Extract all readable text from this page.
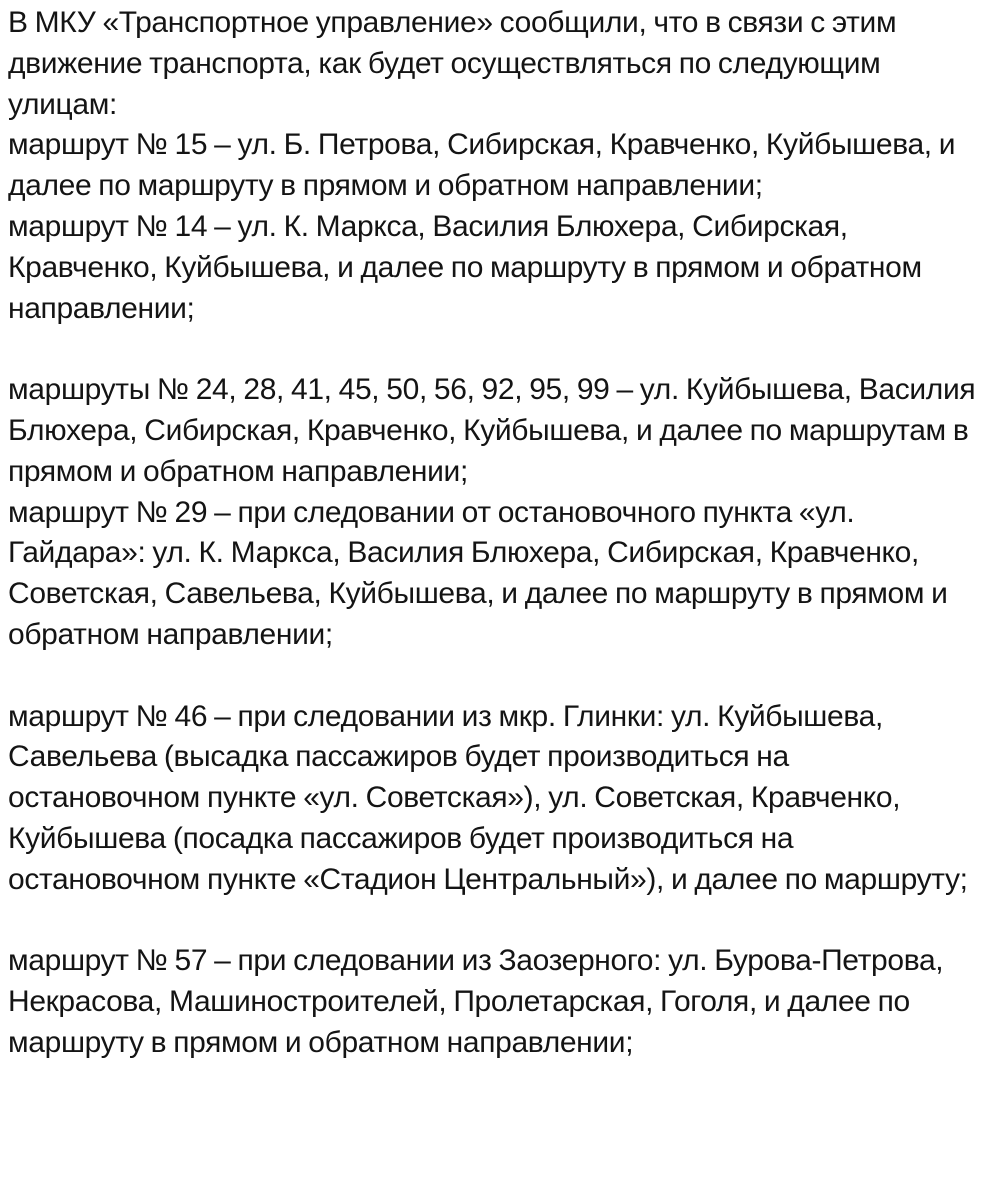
В МКУ «Транспортное управление» сообщили, что в связи с этим движение транспорта, как будет осуществляться по следующим улицам:

маршрут № 15 – ул. Б. Петрова, Сибирская, Кравченко, Куйбышева, и далее по маршруту в прямом и обратном направлении;

маршрут № 14 – ул. К. Маркса, Василия Блюхера, Сибирская, Кравченко, Куйбышева, и далее по маршруту в прямом и обратном направлении;

маршруты № 24, 28, 41, 45, 50, 56, 92, 95, 99 – ул. Куйбышева, Василия Блюхера, Сибирская, Кравченко, Куйбышева, и далее по маршрутам в прямом и обратном направлении;

маршрут № 29 – при следовании от остановочного пункта «ул. Гайдара»: ул. К. Маркса, Василия Блюхера, Сибирская, Кравченко, Советская, Савельева, Куйбышева, и далее по маршруту в прямом и обратном направлении;

маршрут № 46 – при следовании из мкр. Глинки: ул. Куйбышева, Савельева (высадка пассажиров будет производиться на остановочном пункте «ул. Советская»), ул. Советская, Кравченко, Куйбышева (посадка пассажиров будет производиться на остановочном пункте «Стадион Центральный»), и далее по маршруту;

маршрут № 57 – при следовании из Заозерного: ул. Бурова-Петрова, Некрасова, Машиностроителей, Пролетарская, Гоголя, и далее по маршруту в прямом и обратном направлении;
